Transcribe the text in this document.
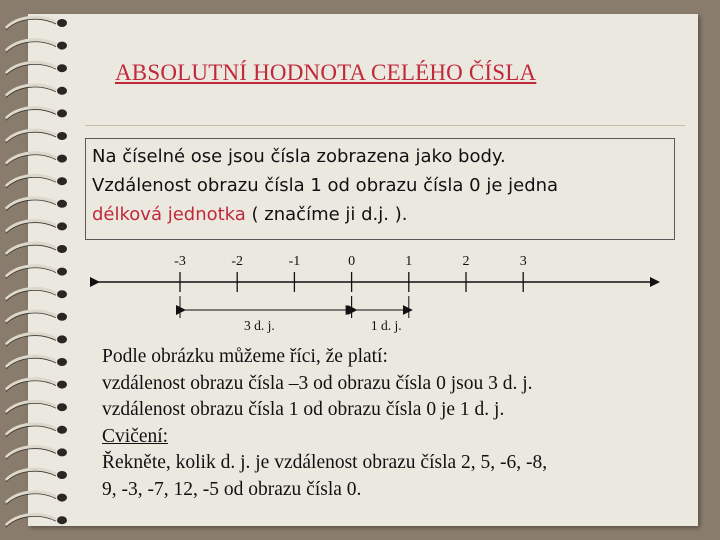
ABSOLUTNÍ HODNOTA CELÉHO ČÍSLA
Na číselné ose jsou čísla zobrazena jako body.
Vzdálenost obrazu čísla 1 od obrazu čísla 0 je jedna
délková jednotka ( značíme ji d.j. ).
-3	-2	-1	0	1	2	3
3 d. j.	1 d. j.
Podle obrázku můžeme říci, že platí:
vzdálenost obrazu čísla –3 od obrazu čísla 0 jsou 3 d. j.
vzdálenost obrazu čísla 1 od obrazu čísla 0 je 1 d. j.
Cvičení:
Řekněte, kolik d. j. je vzdálenost obrazu čísla 2, 5, -6, -8,
9, -3, -7, 12, -5 od obrazu čísla 0.
